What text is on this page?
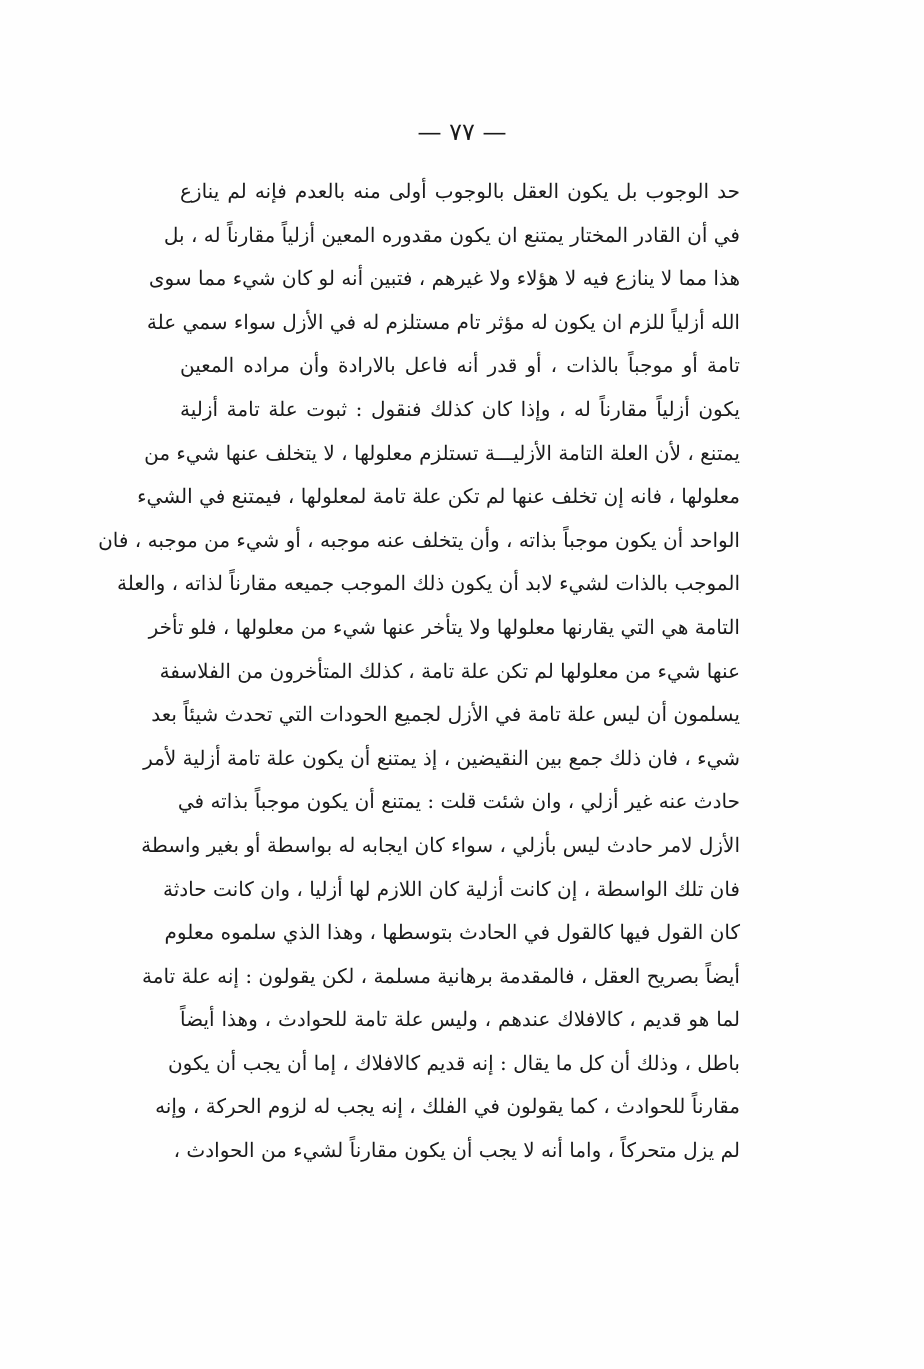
— ٧٧ —
حد الوجوب بل يكون العقل بالوجوب أولى منه بالعدم فإنه لم ينازع
في أن القادر المختار يمتنع ان يكون مقدوره المعين أزلياً مقارناً له ، بل
هذا مما لا ينازع فيه لا هؤلاء ولا غيرهم ، فتبين أنه لو كان شيء مما سوى
الله أزلياً للزم ان يكون له مؤثر تام مستلزم له في الأزل سواء سمي علة
تامة أو موجباً بالذات ، أو قدر أنه فاعل بالارادة وأن مراده المعين
يكون أزلياً مقارناً له ، وإذا كان كذلك فنقول : ثبوت علة تامة أزلية
يمتنع ، لأن العلة التامة الأزليـــة تستلزم معلولها ، لا يتخلف عنها شيء من
معلولها ، فانه إن تخلف عنها لم تكن علة تامة لمعلولها ، فيمتنع في الشيء
الواحد أن يكون موجباً بذاته ، وأن يتخلف عنه موجبه ، أو شيء من موجبه ، فان
الموجب بالذات لشيء لابد أن يكون ذلك الموجب جميعه مقارناً لذاته ، والعلة
التامة هي التي يقارنها معلولها ولا يتأخر عنها شيء من معلولها ، فلو تأخر
عنها شيء من معلولها لم تكن علة تامة ، كذلك المتأخرون من الفلاسفة
يسلمون أن ليس علة تامة في الأزل لجميع الحودات التي تحدث شيئاً بعد
شيء ، فان ذلك جمع بين النقيضين ، إذ يمتنع أن يكون علة تامة أزلية لأمر
حادث عنه غير أزلي ، وان شئت قلت : يمتنع أن يكون موجباً بذاته في
الأزل لامر حادث ليس بأزلي ، سواء كان ايجابه له بواسطة أو بغير واسطة
فان تلك الواسطة ، إن كانت أزلية كان اللازم لها أزليا ، وان كانت حادثة
كان القول فيها كالقول في الحادث بتوسطها ، وهذا الذي سلموه معلوم
أيضاً بصريح العقل ، فالمقدمة برهانية مسلمة ، لكن يقولون : إنه علة تامة
لما هو قديم ، كالافلاك عندهم ، وليس علة تامة للحوادث ، وهذا أيضاً
باطل ، وذلك أن كل ما يقال : إنه قديم كالافلاك ، إما أن يجب أن يكون
مقارناً للحوادث ، كما يقولون في الفلك ، إنه يجب له لزوم الحركة ، وإنه
لم يزل متحركاً ، واما أنه لا يجب أن يكون مقارناً لشيء من الحوادث ،
